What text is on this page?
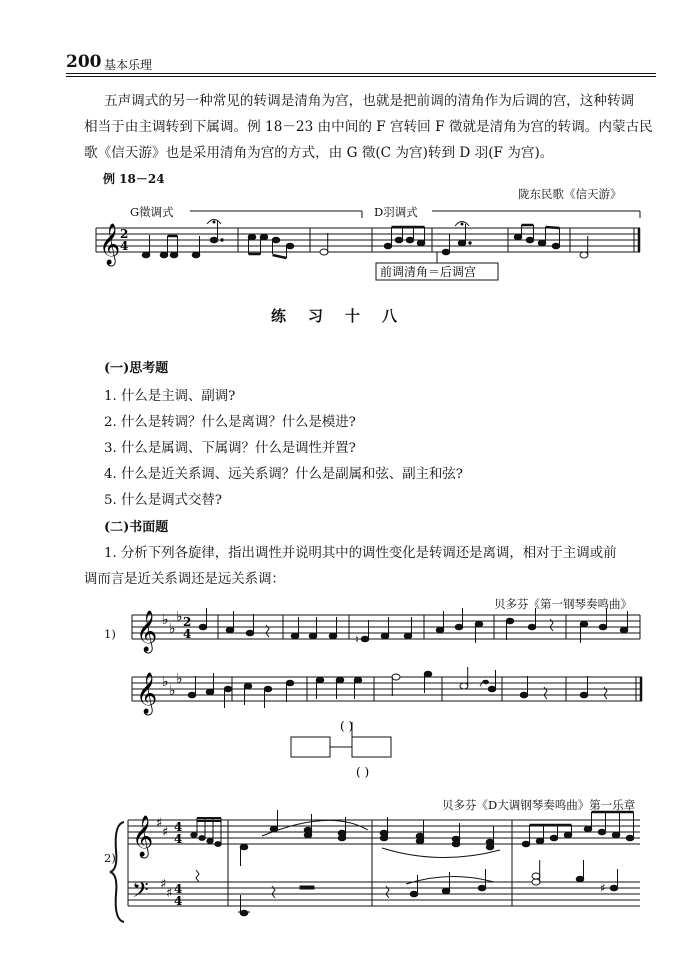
200 基本乐理
五声调式的另一种常见的转调是清角为宫，也就是把前调的清角作为后调的宫，这种转调
相当于由主调转到下属调。例 18－23 由中间的 F 宫转回 F 徵就是清角为宫的转调。内蒙古民
歌《信天游》也是采用清角为宫的方式，由 G 徵(C 为宫)转到 D 羽(F 为宫)。
例 18－24
陇东民歌《信天游》
G徵调式	D羽调式
𝄞 2
4
前调清角＝后调宫
练习十八
(一)思考题
1. 什么是主调、副调?
2. 什么是转调？什么是离调？什么是模进?
3. 什么是属调、下属调？什么是调性并置?
4. 什么是近关系调、远关系调？什么是副属和弦、副主和弦?
5. 什么是调式交替?
(二)书面题
1. 分析下列各旋律，指出调性并说明其中的调性变化是转调还是离调，相对于主调或前
调而言是近关系调还是远关系调：
贝多芬《第一钢琴奏鸣曲》
1) 𝄞 ♭
♭
♭ 2
4	♮
𝄞 ♭
♭
♭
( )
( )
贝多芬《D大调钢琴奏鸣曲》第一乐章
2)
𝄞
𝄢
♯
♯
♯
♯
4
4
4
4
♯
